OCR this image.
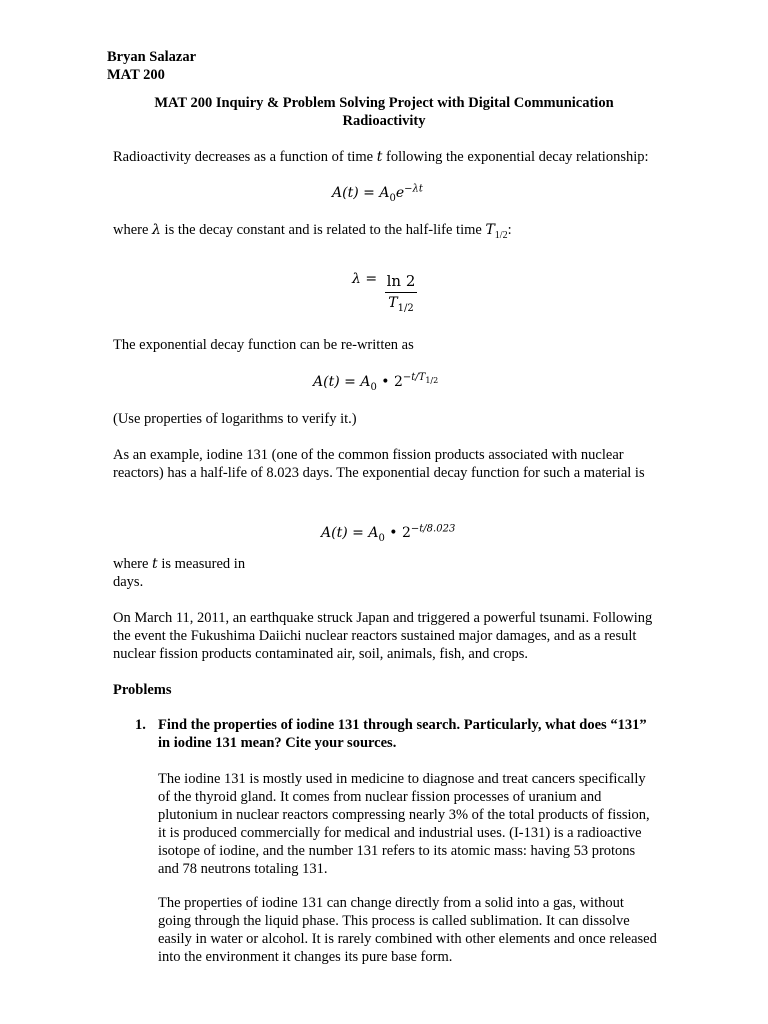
Bryan Salazar
MAT 200
MAT 200 Inquiry & Problem Solving Project with Digital Communication
Radioactivity
Radioactivity decreases as a function of time t following the exponential decay relationship:
$A(t) = A_0e^{-\lambda t}$
where λ is the decay constant and is related to the half-life time $T_{1/2}$:
λ = ln 2
$T_{1/2}$
The exponential decay function can be re-written as
$A(t) = A_0$ • $2^{-t/T_{1/2}}$
(Use properties of logarithms to verify it.)
As an example, iodine 131 (one of the common fission products associated with nuclear reactors) has a half-life of 8.023 days. The exponential decay function for such a material is
$A(t) = A_0$ • $2^{-t/8.023}$
where t is measured in
days.
On March 11, 2011, an earthquake struck Japan and triggered a powerful tsunami. Following the event the Fukushima Daiichi nuclear reactors sustained major damages, and as a result nuclear fission products contaminated air, soil, animals, fish, and crops.
Problems
1. Find the properties of iodine 131 through search. Particularly, what does “131” in iodine 131 mean? Cite your sources.
The iodine 131 is mostly used in medicine to diagnose and treat cancers specifically of the thyroid gland. It comes from nuclear fission processes of uranium and plutonium in nuclear reactors compressing nearly 3% of the total products of fission, it is produced commercially for medical and industrial uses. (I-131) is a radioactive isotope of iodine, and the number 131 refers to its atomic mass: having 53 protons and 78 neutrons totaling 131.
The properties of iodine 131 can change directly from a solid into a gas, without going through the liquid phase. This process is called sublimation. It can dissolve easily in water or alcohol. It is rarely combined with other elements and once released into the environment it changes its pure base form.
